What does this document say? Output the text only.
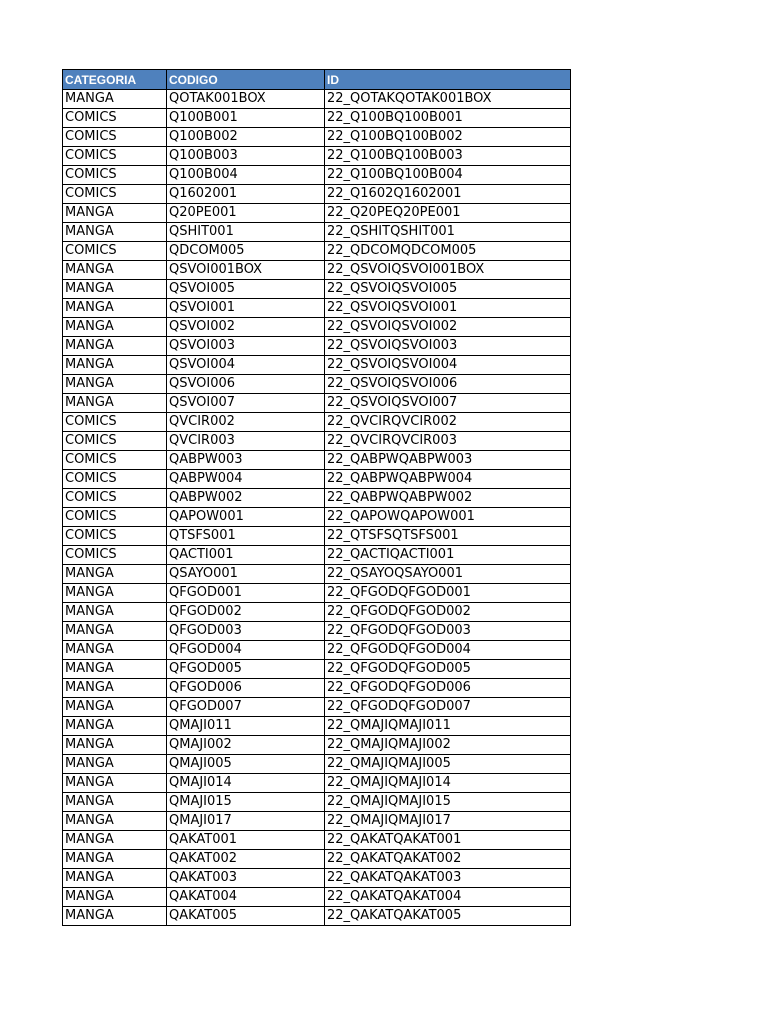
CATEGORIA	CODIGO	ID
MANGA	QOTAK001BOX	22_QOTAKQOTAK001BOX
COMICS	Q100B001	22_Q100BQ100B001
COMICS	Q100B002	22_Q100BQ100B002
COMICS	Q100B003	22_Q100BQ100B003
COMICS	Q100B004	22_Q100BQ100B004
COMICS	Q1602001	22_Q1602Q1602001
MANGA	Q20PE001	22_Q20PEQ20PE001
MANGA	QSHIT001	22_QSHITQSHIT001
COMICS	QDCOM005	22_QDCOMQDCOM005
MANGA	QSVOI001BOX	22_QSVOIQSVOI001BOX
MANGA	QSVOI005	22_QSVOIQSVOI005
MANGA	QSVOI001	22_QSVOIQSVOI001
MANGA	QSVOI002	22_QSVOIQSVOI002
MANGA	QSVOI003	22_QSVOIQSVOI003
MANGA	QSVOI004	22_QSVOIQSVOI004
MANGA	QSVOI006	22_QSVOIQSVOI006
MANGA	QSVOI007	22_QSVOIQSVOI007
COMICS	QVCIR002	22_QVCIRQVCIR002
COMICS	QVCIR003	22_QVCIRQVCIR003
COMICS	QABPW003	22_QABPWQABPW003
COMICS	QABPW004	22_QABPWQABPW004
COMICS	QABPW002	22_QABPWQABPW002
COMICS	QAPOW001	22_QAPOWQAPOW001
COMICS	QTSFS001	22_QTSFSQTSFS001
COMICS	QACTI001	22_QACTIQACTI001
MANGA	QSAYO001	22_QSAYOQSAYO001
MANGA	QFGOD001	22_QFGODQFGOD001
MANGA	QFGOD002	22_QFGODQFGOD002
MANGA	QFGOD003	22_QFGODQFGOD003
MANGA	QFGOD004	22_QFGODQFGOD004
MANGA	QFGOD005	22_QFGODQFGOD005
MANGA	QFGOD006	22_QFGODQFGOD006
MANGA	QFGOD007	22_QFGODQFGOD007
MANGA	QMAJI011	22_QMAJIQMAJI011
MANGA	QMAJI002	22_QMAJIQMAJI002
MANGA	QMAJI005	22_QMAJIQMAJI005
MANGA	QMAJI014	22_QMAJIQMAJI014
MANGA	QMAJI015	22_QMAJIQMAJI015
MANGA	QMAJI017	22_QMAJIQMAJI017
MANGA	QAKAT001	22_QAKATQAKAT001
MANGA	QAKAT002	22_QAKATQAKAT002
MANGA	QAKAT003	22_QAKATQAKAT003
MANGA	QAKAT004	22_QAKATQAKAT004
MANGA	QAKAT005	22_QAKATQAKAT005
